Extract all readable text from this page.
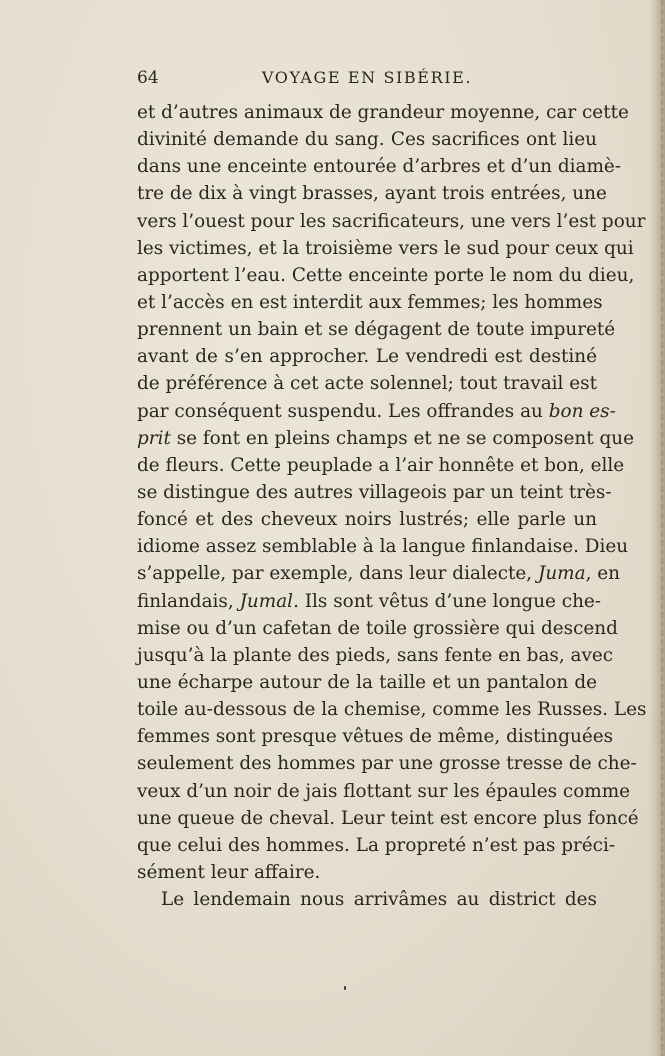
64	VOYAGE EN SIBÉRIE.
et d’autres animaux de grandeur moyenne, car cette
divinité demande du sang. Ces sacrifices ont lieu
dans une enceinte entourée d’arbres et d’un diamè-
tre de dix à vingt brasses, ayant trois entrées, une
vers l’ouest pour les sacrificateurs, une vers l’est pour
les victimes, et la troisième vers le sud pour ceux qui
apportent l’eau. Cette enceinte porte le nom du dieu,
et l’accès en est interdit aux femmes; les hommes
prennent un bain et se dégagent de toute impureté
avant de s’en approcher. Le vendredi est destiné
de préférence à cet acte solennel; tout travail est
par conséquent suspendu. Les offrandes au bon es-
prit se font en pleins champs et ne se composent que
de fleurs. Cette peuplade a l’air honnête et bon, elle
se distingue des autres villageois par un teint très-
foncé et des cheveux noirs lustrés; elle parle un
idiome assez semblable à la langue finlandaise. Dieu
s’appelle, par exemple, dans leur dialecte, Juma, en
finlandais, Jumal. Ils sont vêtus d’une longue che-
mise ou d’un cafetan de toile grossière qui descend
jusqu’à la plante des pieds, sans fente en bas, avec
une écharpe autour de la taille et un pantalon de
toile au-dessous de la chemise, comme les Russes. Les
femmes sont presque vêtues de même, distinguées
seulement des hommes par une grosse tresse de che-
veux d’un noir de jais flottant sur les épaules comme
une queue de cheval. Leur teint est encore plus foncé
que celui des hommes. La propreté n’est pas préci-
sément leur affaire.
Le lendemain nous arrivâmes au district des
